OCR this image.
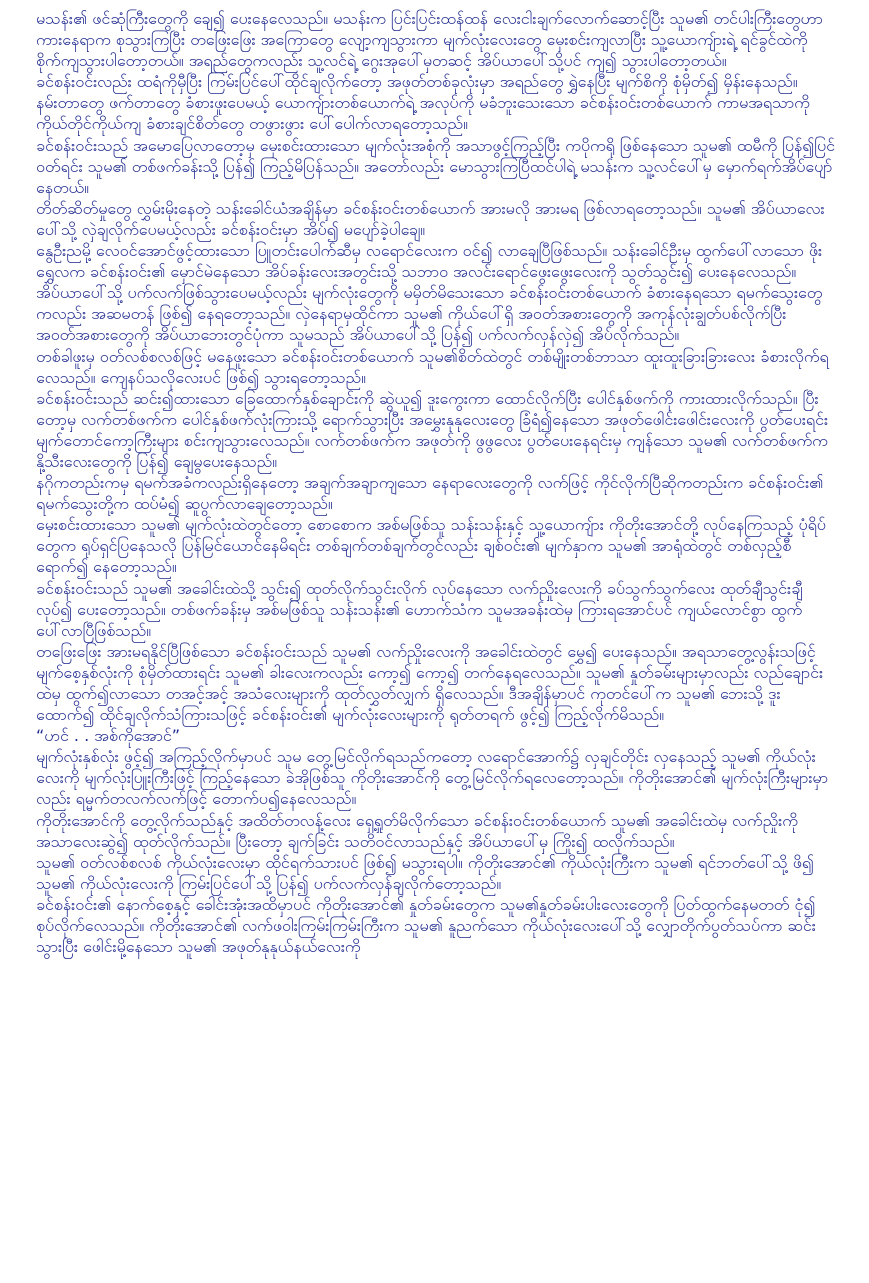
မသန်း၏ ဖင်ဆုံကြီးတွေကို ချေ၍ ပေးနေလေသည်။ မသန်းက ပြင်းပြင်းထန်ထန် လေးငါးချက်လောက်ဆောင့်ပြီး သူမ၏ တင်ပါးကြီးတွေဟာ ကားနေရာက စုသွားကြပြီး တဖြေးဖြေး အကြောတွေ လျော့ကျသွားကာ မျက်လုံးလေးတွေ မှေးစင်းကျလာပြီး သူ့ယောကျ်ားရဲ့ ရင်ခွင်ထဲကို စိုက်ကျသွားပါတော့တယ်။ အရည်တွေကလည်း သူ့လင်ရဲ့ ဂွေးအုပေါ်မှတဆင့် အိပ်ယာပေါ်သို့ပင် ကျ၍ သွားပါတော့တယ်။

ခင်စန်းဝင်းလည်း ထရံကိုမှီပြီး ကြမ်းပြင်ပေါ်ထိုင်ချလိုက်တော့ အဖုတ်တစ်ခုလုံးမှာ အရည်တွေ ရွှဲနေပြီး မျက်စိကို စုံမှိတ်၍ မှိန်းနေသည်။

နမ်းတာတွေ ဖက်တာတွေ ခံစားဖူးပေမယ့် ယောကျ်ားတစ်ယောက်ရဲ့ အလုပ်ကို မခံဘူးသေးသော ခင်စန်းဝင်းတစ်ယောက် ကာမအရသာကို ကိုယ်တိုင်ကိုယ်ကျ ခံစားချင်စိတ်တွေ တဖွားဖွား ပေါ်ပေါက်လာရတော့သည်။

ခင်စန်းဝင်းသည် အမောပြေလာတော့မှ မှေးစင်းထားသော မျက်လုံးအစုံကို အသာဖွင့်ကြည့်ပြီး ကပိုကရို ဖြစ်နေသော သူမ၏ ထမီကို ပြန်၍ပြင်ဝတ်ရင်း သူမ၏ တစ်ဖက်ခန်းသို့ ပြန်၍ ကြည့်မိပြန်သည်။ အတော်လည်း မောသွားကြပြီထင်ပါရဲ့ မသန်းက သူ့လင်ပေါ်မှ မှောက်ရက်အိပ်ပျော်နေတယ်။

တိတ်ဆိတ်မှုတွေ လွှမ်းမိုးနေတဲ့ သန်းခေါင်ယံအချိန်မှာ ခင်စန်းဝင်းတစ်ယောက် အားမလို အားမရ ဖြစ်လာရတော့သည်။ သူမ၏ အိပ်ယာလေးပေါ်သို့ လှဲချလိုက်ပေမယ့်လည်း ခင်စန်းဝင်းမှာ အိပ်၍ မပျော်ခဲ့ပါချေ။

နွေဦးညမို့ လေဝင်အောင်ဖွင့်ထားသော ပြူတင်းပေါက်ဆီမှ လရောင်လေးက ဝင်၍ လာချေပြီဖြစ်သည်။ သန်းခေါင်ဦးမှ ထွက်ပေါ်လာသော ဖိုးရွှေလက ခင်စန်းဝင်း၏ မှောင်မဲနေသော အိပ်ခန်းလေးအတွင်းသို့ သဘာဝ အလင်းရောင်ဖွေးဖွေးလေးကို သွတ်သွင်း၍ ပေးနေလေသည်။

အိပ်ယာပေါ်သို့ ပက်လက်ဖြစ်သွားပေမယ့်လည်း မျက်လုံးတွေကို မမှိတ်မိသေးသော ခင်စန်းဝင်းတစ်ယောက် ခံစားနေရသော ရမက်သွေးတွေကလည်း အဆမတန် ဖြစ်၍ နေရတော့သည်။ လှဲနေရာမှထိုင်ကာ သူမ၏ ကိုယ်ပေါ်ရှိ အဝတ်အစားတွေကို အကုန်လုံးချွတ်ပစ်လိုက်ပြီး အဝတ်အစားတွေကို အိပ်ယာဘေးတွင်ပုံကာ သူမသည် အိပ်ယာပေါ်သို့ ပြန်၍ ပက်လက်လှန်လှဲ၍ အိပ်လိုက်သည်။

တစ်ခါဖူးမှ ဝတ်လစ်စလစ်ဖြင့် မနေဖူးသော ခင်စန်းဝင်းတစ်ယောက် သူမ၏စိတ်ထဲတွင် တစ်မျိုးတစ်ဘာသာ ထူးထူးခြားခြားလေး ခံစားလိုက်ရလေသည်။ ကျေနပ်သလိုလေးပင် ဖြစ်၍ သွားရတော့သည်။

ခင်စန်းဝင်းသည် ဆင်း၍ထားသော ခြေထောက်နှစ်ချောင်းကို ဆွဲယူ၍ ဒူးကွေးကာ ထောင်လိုက်ပြီး ပေါင်နှစ်ဖက်ကို ကားထားလိုက်သည်။ ပြီးတော့မှ လက်တစ်ဖက်က ပေါင်နှစ်ဖက်လုံးကြားသို့ ရောက်သွားပြီး အမွှေးနုနုလေးတွေ ခြံရံ၍နေသော အဖုတ်ဖေါင်းဖေါင်းလေးကို ပွတ်ပေးရင်း မျက်တောင်ကော့ကြီးများ စင်းကျသွားလေသည်။ လက်တစ်ဖက်က အဖုတ်ကို ဖွဖွလေး ပွတ်ပေးနေရင်းမှ ကျန်သော သူမ၏ လက်တစ်ဖက်က နို့သီးလေးတွေကို ပြန်၍ ချေမွပေးနေသည်။

နဂိုကတည်းကမှ ရမက်အခံကလည်းရှိနေတော့ အချက်အချာကျသော နေရာလေးတွေကို လက်ဖြင့် ကိုင်လိုက်ပြီဆိုကတည်းက ခင်စန်းဝင်း၏ ရမက်သွေးတို့က ထပ်မံ၍ ဆူပွက်လာချေတော့သည်။

မှေးစင်းထားသော သူမ၏ မျက်လုံးထဲတွင်တော့ စောစောက အစ်မဖြစ်သူ သန်းသန်းနှင့် သူ့ယောကျ်ား ကိုတိုးအောင်တို့ လုပ်နေကြသည့် ပုံရိပ်တွေက ရုပ်ရှင်ပြနေသလို ပြန်မြင်ယောင်နေမိရင်း တစ်ချက်တစ်ချက်တွင်လည်း ချစ်ဝင်း၏ မျက်နှာက သူမ၏ အာရုံထဲတွင် တစ်လှည့်စီ ရောက်၍ နေတော့သည်။

ခင်စန်းဝင်းသည် သူမ၏ အခေါင်းထဲသို့ သွင်း၍ ထုတ်လိုက်သွင်းလိုက် လုပ်နေသော လက်ညှိုးလေးကို ခပ်သွက်သွက်လေး ထုတ်ချီသွင်းချီ လုပ်၍ ပေးတော့သည်။ တစ်ဖက်ခန်းမှ အစ်မဖြစ်သူ သန်းသန်း၏ ဟောက်သံက သူမအခန်းထဲမှ ကြားရအောင်ပင် ကျယ်လောင်စွာ ထွက်ပေါ်လာပြီဖြစ်သည်။

တဖြေးဖြေး အားမရနိုင်ပြီဖြစ်သော ခင်စန်းဝင်းသည် သူမ၏ လက်ညှိုးလေးကို အခေါင်းထဲတွင် မွှေ၍ ပေးနေသည်။ အရသာတွေ့လွန်းသဖြင့် မျက်စေ့နှစ်လုံးကို စုံမှိတ်ထားရင်း သူမ၏ ခါးလေးကလည်း ကော့၍ ကော့၍ တက်နေရလေသည်။ သူမ၏ နှုတ်ခမ်းများမှာလည်း လည်ချောင်းထဲမှ ထွက်၍လာသော တအင့်အင့် အသံလေးများကို ထုတ်လွှတ်လျှက် ရှိလေသည်။ ဒီအချိန်မှာပင် ကုတင်ပေါ်က သူမ၏ ဘေးသို့ ဒူးထောက်၍ ထိုင်ချလိုက်သံကြားသဖြင့် ခင်စန်းဝင်း၏ မျက်လုံးလေးများကို ရုတ်တရက် ဖွင့်၍ ကြည့်လိုက်မိသည်။

“ဟင် . . အစ်ကိုအောင်”

မျက်လုံးနှစ်လုံး ဖွင့်၍ အကြည့်လိုက်မှာပင် သူမ တွေ့မြင်လိုက်ရသည်ကတော့ လရောင်အောက်၌ လှချင်တိုင်း လှနေသည့် သူမ၏ ကိုယ်လုံးလေးကို မျက်လုံးပြူးကြီးဖြင့် ကြည့်နေသော ခဲအိုဖြစ်သူ ကိုတိုးအောင်ကို တွေ့မြင်လိုက်ရလေတော့သည်။ ကိုတိုးအောင်၏ မျက်လုံးကြီးများမှာလည်း ရမ္မက်တလက်လက်ဖြင့် တောက်ပ၍နေလေသည်။

ကိုတိုးအောင်ကို တွေ့လိုက်သည်နှင့် အထိတ်တလန့်လေး ရှေ့ရှုတ်မိလိုက်သော ခင်စန်းဝင်းတစ်ယောက် သူမ၏ အခေါင်းထဲမှ လက်ညှိုးကို အသာလေးဆွဲ၍ ထုတ်လိုက်သည်။ ပြီးတော့ ချက်ခြင်း သတိဝင်လာသည်နှင့် အိပ်ယာပေါ်မှ ကြိုး၍ ထလိုက်သည်။

သူမ၏ ဝတ်လစ်စလစ် ကိုယ်လုံးလေးမှာ ထိုင်ရက်သားပင် ဖြစ်၍ မသွားရပါ။ ကိုတိုးအောင်၏ ကိုယ်လုံးကြီးက သူမ၏ ရင်ဘတ်ပေါ်သို့ ဖိ၍ သူမ၏ ကိုယ်လုံးလေးကို ကြမ်းပြင်ပေါ်သို့ ပြန်၍ ပက်လက်လှန်ချလိုက်တော့သည်။

ခင်စန်းဝင်း၏ နောက်စေ့နှင့် ခေါင်းအုံးအထိမှာပင် ကိုတိုးအောင်၏ နှုတ်ခမ်းတွေက သူမ၏နှုတ်ခမ်းပါးလေးတွေကို ပြတ်ထွက်နေမတတ် ငုံ၍ စုပ်လိုက်လေသည်။ ကိုတိုးအောင်၏ လက်ဖဝါးကြမ်းကြမ်းကြီးက သူမ၏ နူညက်သော ကိုယ်လုံးလေးပေါ်သို့ လျှောတိုက်ပွတ်သပ်ကာ ဆင်းသွားပြီး ဖေါင်းမို့နေသော သူမ၏ အဖုတ်နုနုယ်နယ်လေးကို
